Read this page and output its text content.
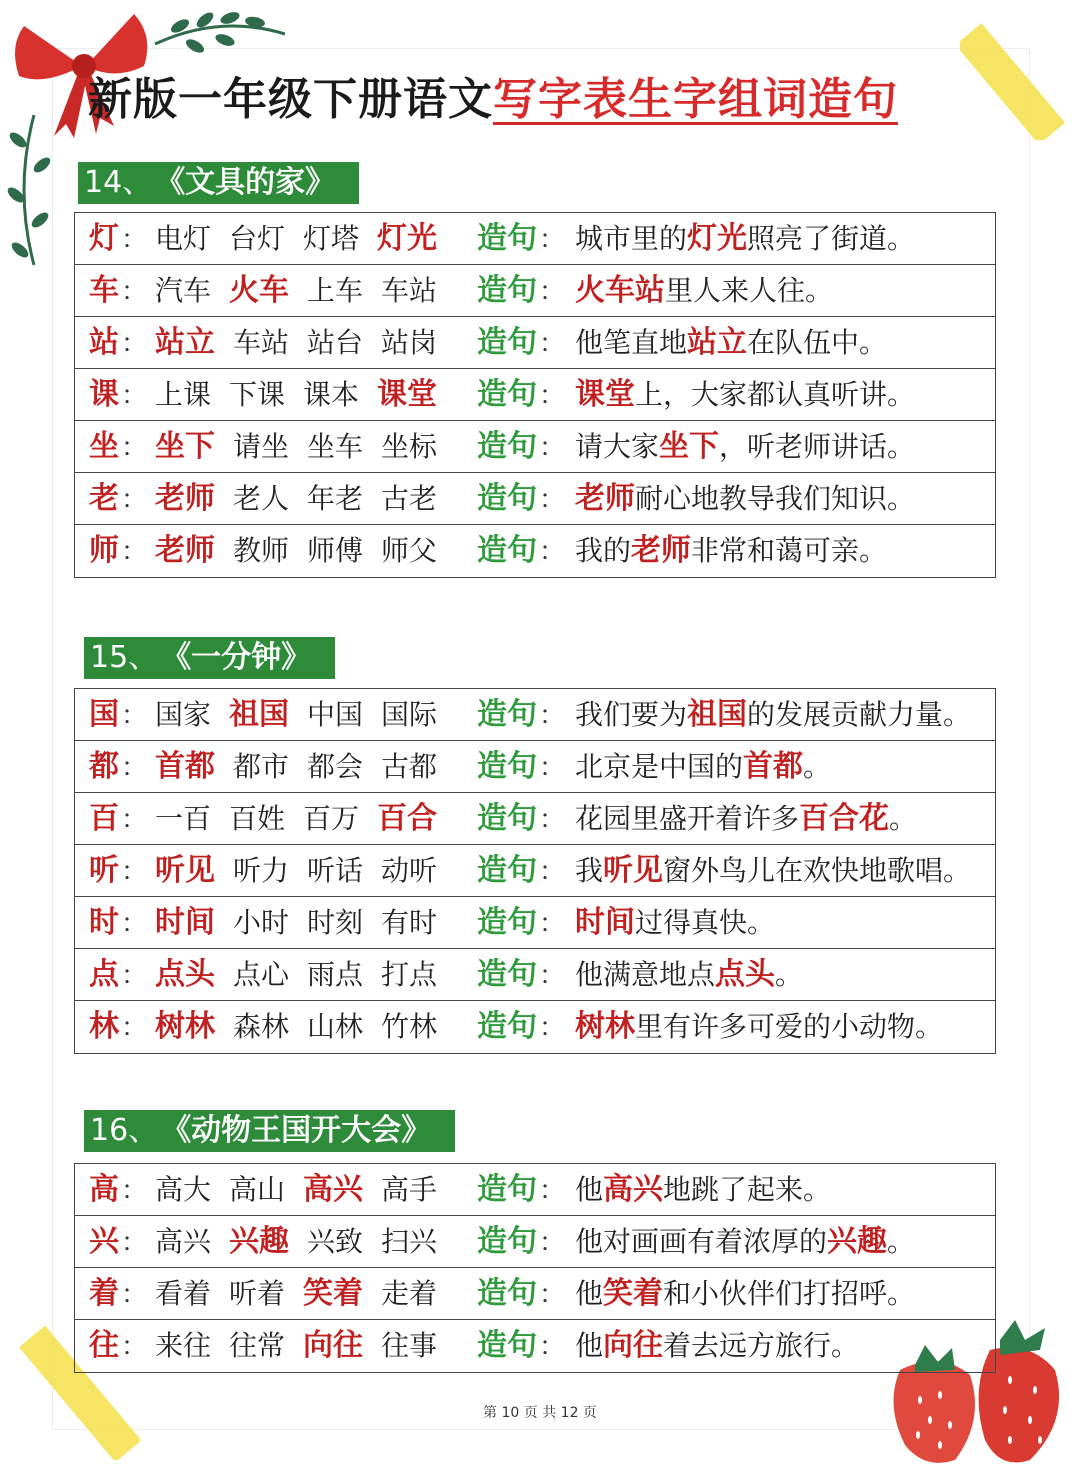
新版一年级下册语文写字表生字组词造句
14、 《文具的家》
灯： 电灯 台灯 灯塔 灯光	造句： 城市里的灯光照亮了街道。
车： 汽车 火车 上车 车站	造句： 火车站里人来人往。
站： 站立 车站 站台 站岗	造句： 他笔直地站立在队伍中。
课： 上课 下课 课本 课堂	造句： 课堂上，大家都认真听讲。
坐： 坐下 请坐 坐车 坐标	造句： 请大家坐下，听老师讲话。
老： 老师 老人 年老 古老	造句： 老师耐心地教导我们知识。
师： 老师 教师 师傅 师父	造句： 我的老师非常和蔼可亲。
15、 《一分钟》
国： 国家 祖国 中国 国际	造句： 我们要为祖国的发展贡献力量。
都： 首都 都市 都会 古都	造句： 北京是中国的首都。
百： 一百 百姓 百万 百合	造句： 花园里盛开着许多百合花。
听： 听见 听力 听话 动听	造句： 我听见窗外鸟儿在欢快地歌唱。
时： 时间 小时 时刻 有时	造句： 时间过得真快。
点： 点头 点心 雨点 打点	造句： 他满意地点点头。
林： 树林 森林 山林 竹林	造句： 树林里有许多可爱的小动物。
16、 《动物王国开大会》
高： 高大 高山 高兴 高手	造句： 他高兴地跳了起来。
兴： 高兴 兴趣 兴致 扫兴	造句： 他对画画有着浓厚的兴趣。
着： 看着 听着 笑着 走着	造句： 他笑着和小伙伴们打招呼。
往： 来往 往常 向往 往事	造句： 他向往着去远方旅行。
第 10 页 共 12 页
